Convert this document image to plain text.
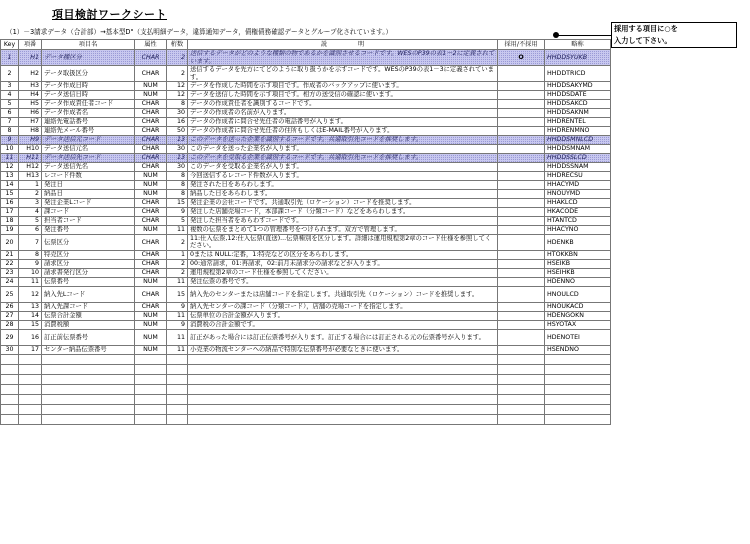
項目検討ワークシート
（1）－3請求データ（合計部）→基本型D"（支払明細データ，違算通知データ，債権債務確認データとグループ化されています。）	採用する項目に○を
入力して下さい。
Key	項番	項目名	属性	桁数	説　　　　　明	採用/不採用	略称
1	H1	データ種区分	CHAR	2	送信するデータがどのような種類の物であるかを識別させるコードです。WESのP39の表1－2に定義されています。	O	HHDDSYUKB
2	H2	データ取扱区分	CHAR	2	送信するデータを先方にてどのように取り扱うかを示すコードです。WESのP39の表1－3に定義されています。		HHDDTRICD
3	H3	データ作成日時	NUM	12	データを作成した時間を示す項目です。作成者のバックアップに使います。		HHDDSAKYMD
4	H4	データ送信日時	NUM	12	データを送信した時間を示す項目です。相方の送受信の確認に使います。		HHDDSDATE
5	H5	データ作成責任者コード	CHAR	8	データの作成責任者を識別するコードです。		HHDDSAKCD
6	H6	データ作成者名	CHAR	30	データの作成者の名前が入ります。		HHDDSAKNM
7	H7	連絡先電話番号	CHAR	16	データの作成者に問合せ先任者の電話番号が入ります。		HHDRENTEL
8	H8	連絡先メール番号	CHAR	50	データの作成者に問合せ先任者の住所もしくはE-MAIL番号が入ります。		HHDRENMNO
9	H9	データ送信元コード	CHAR	13	このデータを送った企業を識別するコードです。共通取引先コードを推奨します。		HHDDSMNLCD
10	H10	データ送信元名	CHAR	30	このデータを送った企業名が入ります。		HHDDSMNAM
11	H11	データ送信先コード	CHAR	13	このデータを受取る企業を識別するコードです。共通取引先コードを推奨します。		HHDDSSLCD
12	H12	データ送信先名	CHAR	30	このデータを受取る企業名が入ります。		HHDDSSNAM
13	H13	レコード件数	NUM	8	今回送信するレコード件数が入ります。		HHDRECSU
14	1	発注日	NUM	8	発注された日をあらわします。		HHACYMD
15	2	納品日	NUM	8	納品した日をあらわします。		HNOUYMD
16	3	発注企業Lコード	CHAR	15	発注企業の会社コードです。共通取引先（ロケーション）コードを推奨します。		HHAKLCD
17	4	課コード	CHAR	9	発注した店舗売場コード，本部課コード（分類コード）などをあらわします。		HKACODE
18	5	担当者コード	CHAR	5	発注した担当者をあらわすコードです。		HTANTCD
19	6	発注番号	NUM	11	複数の伝票をまとめて1つの管理番号をつけられます。双方で管理します。		HHACYNO
20	7	伝票区分	CHAR	2	11:仕入伝票,12:仕入伝票(直送)...伝票種別を区分します。詳細は運用規程第2章のコード仕様を参照してください。		HDENKB
21	8	特売区分	CHAR	1	0または NULL:定番，1:特売などの区分をあらわします。		HTOKKBN
22	9	請求区分	CHAR	2	00:通常請求，01:再請求，02:前月未請求分の請求などが入ります。		HSEIKB
23	10	請求書発行区分	CHAR	2	運用規程第2章のコード仕様を参照してください。		HSEIHKB
24	11	伝票番号	NUM	11	発注伝票の番号です。		HDENNO
25	12	納入先Lコード	CHAR	15	納入先のセンターまたは店舗コードを指定します。共通取引先（ロケーション）コードを推奨します。		HNOULCD
26	13	納入先課コード	CHAR	9	納入先センターの課コード（分類コード），店舗の売場コードを指定します。		HNOUKACD
27	14	伝票合計金額	NUM	11	伝票単位の合計金額が入ります。		HDENGOKN
28	15	消費税額	NUM	9	消費税の合計金額です。		HSYOTAX
29	16	訂正前伝票番号	NUM	11	訂正があった場合には訂正伝票番号が入ります。訂正する場合には訂正される元の伝票番号が入ります。		HDENOTEI
30	17	センター納品伝票番号	NUM	11	小売業の物流センターへの納品で特別な伝票番号が必要なときに使います。		HSENDNO
